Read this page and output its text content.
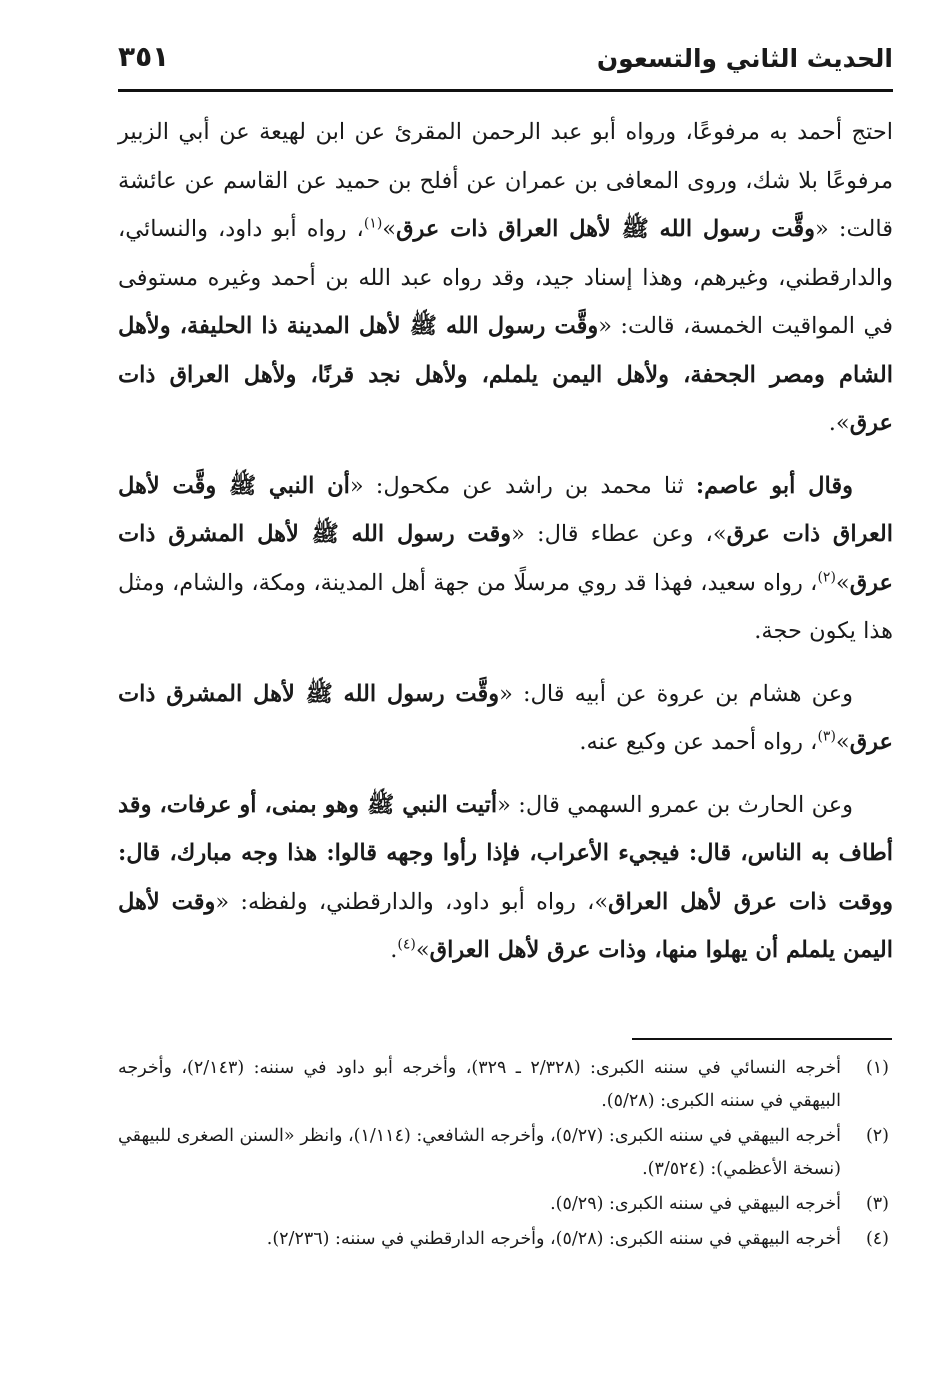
الحديث الثاني والتسعون
٣٥١

احتج أحمد به مرفوعًا، ورواه أبو عبد الرحمن المقرئ عن ابن لهيعة عن أبي الزبير مرفوعًا بلا شك، وروى المعافى بن عمران عن أفلح بن حميد عن القاسم عن عائشة قالت: «وقَّت رسول الله ﷺ لأهل العراق ذات عرق»$^{(١)}$، رواه أبو داود، والنسائي، والدارقطني، وغيرهم، وهذا إسناد جيد، وقد رواه عبد الله بن أحمد وغيره مستوفى في المواقيت الخمسة، قالت: «وقَّت رسول الله ﷺ لأهل المدينة ذا الحليفة، ولأهل الشام ومصر الجحفة، ولأهل اليمن يلملم، ولأهل نجد قرنًا، ولأهل العراق ذات عرق».

وقال أبو عاصم: ثنا محمد بن راشد عن مكحول: «أن النبي ﷺ وقَّت لأهل العراق ذات عرق»، وعن عطاء قال: «وقت رسول الله ﷺ لأهل المشرق ذات عرق»$^{(٢)}$، رواه سعيد، فهذا قد روي مرسلًا من جهة أهل المدينة، ومكة، والشام، ومثل هذا يكون حجة.

وعن هشام بن عروة عن أبيه قال: «وقَّت رسول الله ﷺ لأهل المشرق ذات عرق»$^{(٣)}$، رواه أحمد عن وكيع عنه.

وعن الحارث بن عمرو السهمي قال: «أتيت النبي ﷺ وهو بمنى، أو عرفات، وقد أطاف به الناس، قال: فيجيء الأعراب، فإذا رأوا وجهه قالوا: هذا وجه مبارك، قال: ووقت ذات عرق لأهل العراق»، رواه أبو داود، والدارقطني، ولفظه: «وقت لأهل اليمن يلملم أن يهلوا منها، وذات عرق لأهل العراق»$^{(٤)}$.

(١)
أخرجه النسائي في سننه الكبرى: (٢/٣٢٨ ـ ٣٢٩)، وأخرجه أبو داود في سننه: (٢/١٤٣)، وأخرجه البيهقي في سننه الكبرى: (٥/٢٨).
(٢)
أخرجه البيهقي في سننه الكبرى: (٥/٢٧)، وأخرجه الشافعي: (١/١١٤)، وانظر «السنن الصغرى للبيهقي (نسخة الأعظمي): (٣/٥٢٤).
(٣)
أخرجه البيهقي في سننه الكبرى: (٥/٢٩).
(٤)
أخرجه البيهقي في سننه الكبرى: (٥/٢٨)، وأخرجه الدارقطني في سننه: (٢/٢٣٦).
